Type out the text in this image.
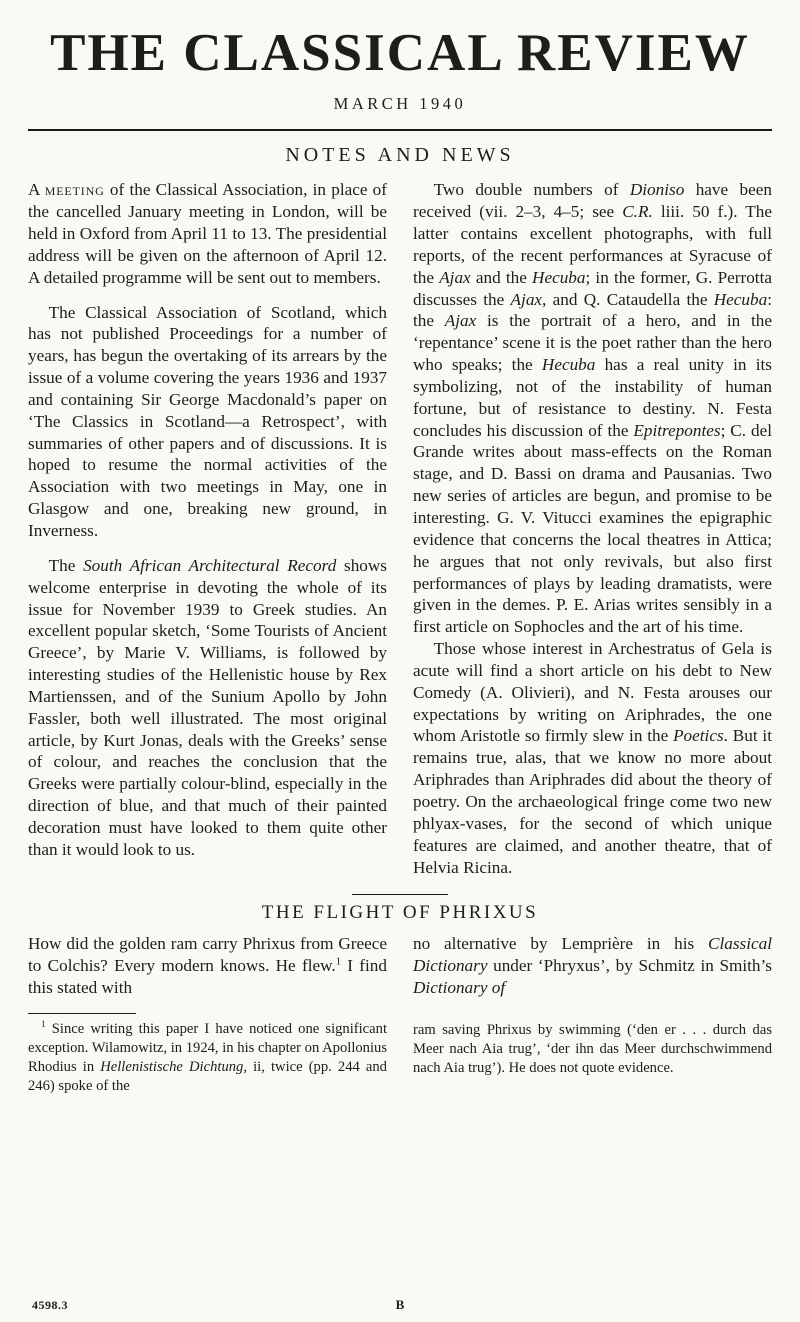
THE CLASSICAL REVIEW
MARCH 1940
NOTES AND NEWS

A meeting of the Classical Association, in place of the cancelled January meeting in London, will be held in Oxford from April 11 to 13. The presidential address will be given on the afternoon of April 12. A detailed programme will be sent out to members.

The Classical Association of Scotland, which has not published Proceedings for a number of years, has begun the overtaking of its arrears by the issue of a volume covering the years 1936 and 1937 and containing Sir George Macdonald’s paper on ‘The Classics in Scotland—a Retrospect’, with summaries of other papers and of discussions. It is hoped to resume the normal activities of the Association with two meetings in May, one in Glasgow and one, breaking new ground, in Inverness.

The South African Architectural Record shows welcome enterprise in devoting the whole of its issue for November 1939 to Greek studies. An excellent popular sketch, ‘Some Tourists of Ancient Greece’, by Marie V. Williams, is followed by interesting studies of the Hellenistic house by Rex Martienssen, and of the Sunium Apollo by John Fassler, both well illustrated. The most original article, by Kurt Jonas, deals with the Greeks’ sense of colour, and reaches the conclusion that the Greeks were partially colour-blind, especially in the direction of blue, and that much of their painted decoration must have looked to them quite other than it would look to us.

Two double numbers of Dioniso have been received (vii. 2–3, 4–5; see C.R. liii. 50 f.). The latter contains excellent photographs, with full reports, of the recent performances at Syracuse of the Ajax and the Hecuba; in the former, G. Perrotta discusses the Ajax, and Q. Cataudella the Hecuba: the Ajax is the portrait of a hero, and in the ‘repentance’ scene it is the poet rather than the hero who speaks; the Hecuba has a real unity in its symbolizing, not of the instability of human fortune, but of resistance to destiny. N. Festa concludes his discussion of the Epitrepontes; C. del Grande writes about mass-effects on the Roman stage, and D. Bassi on drama and Pausanias. Two new series of articles are begun, and promise to be interesting. G. V. Vitucci examines the epigraphic evidence that concerns the local theatres in Attica; he argues that not only revivals, but also first performances of plays by leading dramatists, were given in the demes. P. E. Arias writes sensibly in a first article on Sophocles and the art of his time.

Those whose interest in Archestratus of Gela is acute will find a short article on his debt to New Comedy (A. Olivieri), and N. Festa arouses our expectations by writing on Ariphrades, the one whom Aristotle so firmly slew in the Poetics. But it remains true, alas, that we know no more about Ariphrades than Ariphrades did about the theory of poetry. On the archaeological fringe come two new phlyax-vases, for the second of which unique features are claimed, and another theatre, that of Helvia Ricina.

THE FLIGHT OF PHRIXUS

How did the golden ram carry Phrixus from Greece to Colchis? Every modern knows. He flew.$^1$ I find this stated with

no alternative by Lemprière in his Classical Dictionary under ‘Phryxus’, by Schmitz in Smith’s Dictionary of

$^1$ Since writing this paper I have noticed one significant exception. Wilamowitz, in 1924, in his chapter on Apollonius Rhodius in Hellenistische Dichtung, ii, twice (pp. 244 and 246) spoke of the

ram saving Phrixus by swimming (‘den er . . . durch das Meer nach Aia trug’, ‘der ihn das Meer durchschwimmend nach Aia trug’). He does not quote evidence.

4598.3	B
